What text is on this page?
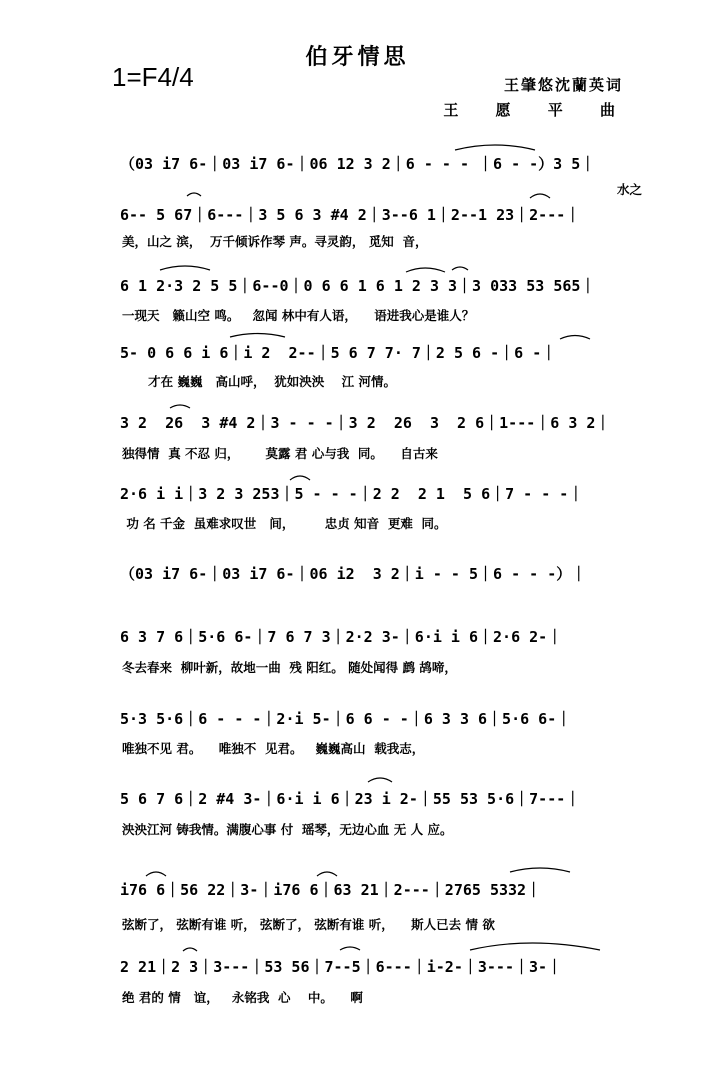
伯牙情思
1=F4/4	王肇悠沈蘭英词
王 愿 平 曲
（03 i7 6-｜03 i7 6-｜06 12 3 2｜6 - - - ｜6 - -）3 5｜
水之
6-- 5 67｜6---｜3 5 6 3 #4 2｜3--6 1｜2--1 23｜2---｜
美，山之 滨，  万千倾诉作琴 声。寻灵韵， 觅知  音，
6 1 2·3 2 5 5｜6--0｜0 6 6 1 6 1 2 3 3｜3 033 53 565｜
一现天   籁山空 鸣。   忽闻 林中有人语，    语进我心是谁人？
5- 0 6 6 i 6｜i 2  2--｜5 6 7 7· 7｜2 5 6 -｜6 -｜
才在 巍巍   高山呼，  犹如泱泱    江 河情。
3 2  26  3 #4 2｜3 - - -｜3 2  26  3  2 6｜1---｜6 3 2｜
独得情  真 不忍 归，      莫露 君 心与我  同。    自古来
2·6 i i｜3 2 3 253｜5 - - -｜2 2  2 1  5 6｜7 - - -｜
功 名 千金  虽难求叹世   间，       忠贞 知音  更难  同。
（03 i7 6-｜03 i7 6-｜06 i2  3 2｜i - - 5｜6 - - -）｜
6 3 7 6｜5·6 6-｜7 6 7 3｜2·2 3-｜6·i i 6｜2·6 2-｜
冬去春来  柳叶新，故地一曲  残 阳红。 随处闻得 鹧 鸪啼，
5·3 5·6｜6 - - -｜2·i 5-｜6 6 - -｜6 3 3 6｜5·6 6-｜
唯独不见 君。    唯独不  见君。   巍巍高山  载我志，
5 6 7 6｜2 #4 3-｜6·i i 6｜23 i 2-｜55 53 5·6｜7---｜
泱泱江河 铸我情。满腹心事 付  瑶琴，无边心血 无 人 应。
i76 6｜56 22｜3-｜i76 6｜63 21｜2---｜2765 5332｜
弦断了， 弦断有谁 听， 弦断了， 弦断有谁 听，    斯人已去 情 欲
2 21｜2 3｜3---｜53 56｜7--5｜6---｜i-2-｜3---｜3-｜
绝 君的 情   谊，   永铭我  心    中。    啊
